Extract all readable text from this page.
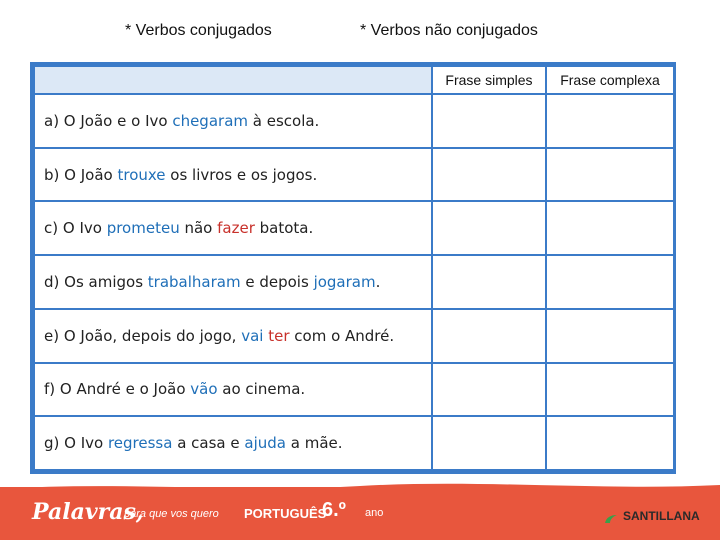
* Verbos conjugados	* Verbos não conjugados
	Frase simples	Frase complexa
a) O João e o Ivo chegaram à escola.		
b) O João trouxe os livros e os jogos.		
c) O Ivo prometeu não fazer batota.		
d) Os amigos trabalharam e depois jogaram.		
e) O João, depois do jogo, vai ter com o André.		
f) O André e o João vão ao cinema.		
g) O Ivo regressa a casa e ajuda a mãe.		
Palavras,
para que vos quero PORTUGUÊS
6.º ano	SANTILLANA
